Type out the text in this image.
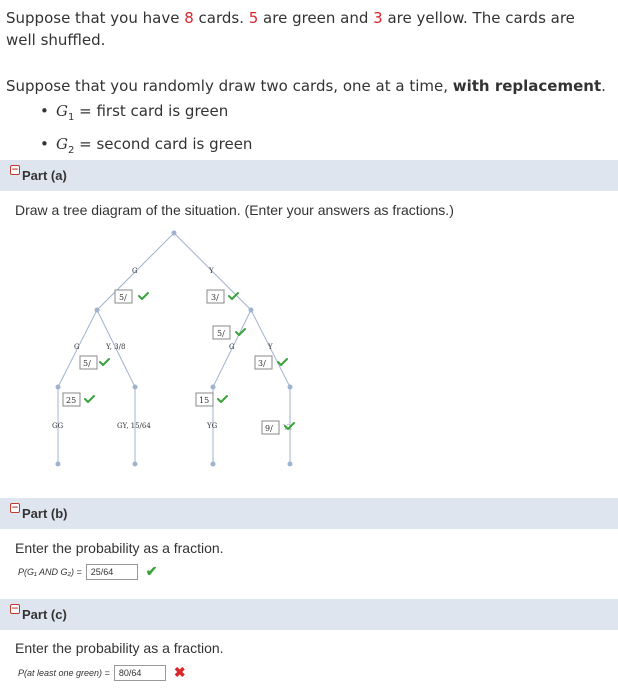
Suppose that you have 8 cards. 5 are green and 3 are yellow. The cards are
well shuffled.
Suppose that you randomly draw two cards, one at a time, with replacement.
• $G_1$ = first card is green
• $G_2$ = second card is green
− Part (a)
Draw a tree diagram of the situation. (Enter your answers as fractions.)
G	Y
G	Y, 3/8	G	Y
GG	GY, 15/64	YG
5/	3/
5/
5/	3/
25	15
9/ YY
− Part (b)
Enter the probability as a fraction.
P(G₁ AND G₂) =	25/64	✔
− Part (c)
Enter the probability as a fraction.
P(at least one green) =	80/64	✖
